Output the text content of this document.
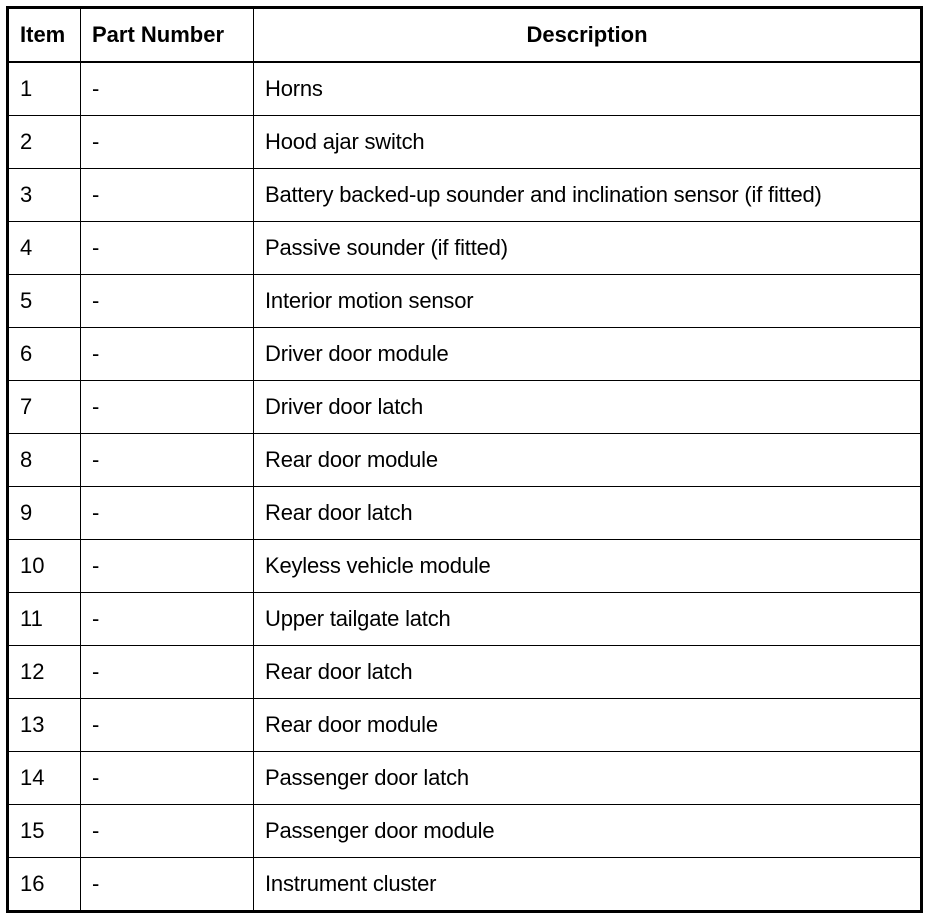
Item	Part Number	Description
1	-	Horns
2	-	Hood ajar switch
3	-	Battery backed-up sounder and inclination sensor (if fitted)
4	-	Passive sounder (if fitted)
5	-	Interior motion sensor
6	-	Driver door module
7	-	Driver door latch
8	-	Rear door module
9	-	Rear door latch
10	-	Keyless vehicle module
11	-	Upper tailgate latch
12	-	Rear door latch
13	-	Rear door module
14	-	Passenger door latch
15	-	Passenger door module
16	-	Instrument cluster
